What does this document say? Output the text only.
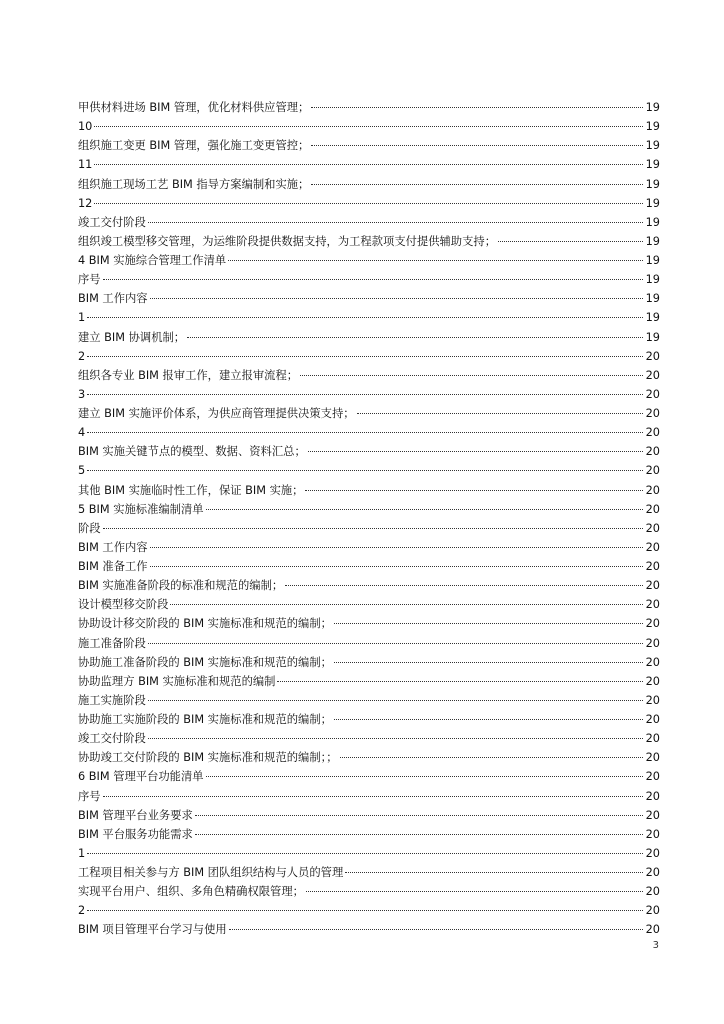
甲供材料进场 BIM 管理，优化材料供应管理；	19
10	19
组织施工变更 BIM 管理，强化施工变更管控；	19
11	19
组织施工现场工艺 BIM 指导方案编制和实施；	19
12	19
竣工交付阶段	19
组织竣工模型移交管理，为运维阶段提供数据支持，为工程款项支付提供辅助支持；	19
4 BIM 实施综合管理工作清单	19
序号	19
BIM 工作内容	19
1	19
建立 BIM 协调机制；	19
2	20
组织各专业 BIM 报审工作，建立报审流程；	20
3	20
建立 BIM 实施评价体系，为供应商管理提供决策支持；	20
4	20
BIM 实施关键节点的模型、数据、资料汇总；	20
5	20
其他 BIM 实施临时性工作，保证 BIM 实施；	20
5 BIM 实施标准编制清单	20
阶段	20
BIM 工作内容	20
BIM 准备工作	20
BIM 实施准备阶段的标准和规范的编制；	20
设计模型移交阶段	20
协助设计移交阶段的 BIM 实施标准和规范的编制；	20
施工准备阶段	20
协助施工准备阶段的 BIM 实施标准和规范的编制；	20
协助监理方 BIM 实施标准和规范的编制	20
施工实施阶段	20
协助施工实施阶段的 BIM 实施标准和规范的编制；	20
竣工交付阶段	20
协助竣工交付阶段的 BIM 实施标准和规范的编制；；	20
6 BIM 管理平台功能清单	20
序号	20
BIM 管理平台业务要求	20
BIM 平台服务功能需求	20
1	20
工程项目相关参与方 BIM 团队组织结构与人员的管理	20
实现平台用户、组织、多角色精确权限管理；	20
2	20
BIM 项目管理平台学习与使用	20
3
